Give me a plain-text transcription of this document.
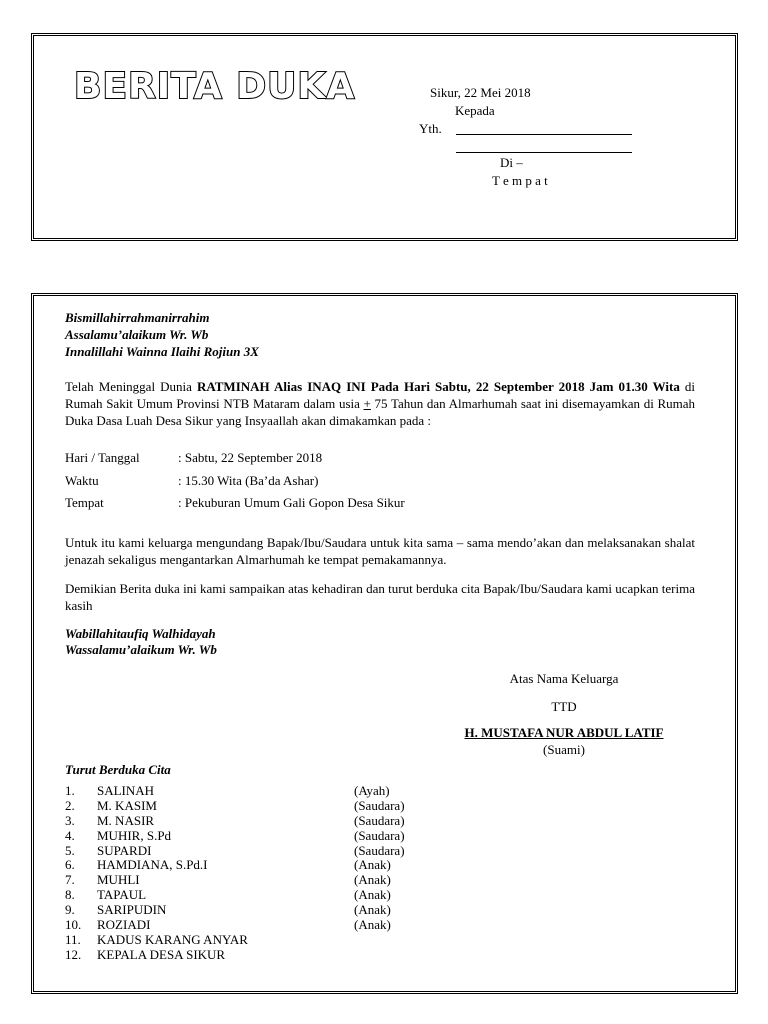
BERITA DUKA	Sikur, 22 Mei 2018
Kepada
Yth.
Di –
T e m p a t
Bismillahirrahmanirrahim
Assalamu’alaikum Wr. Wb
Innalillahi Wainna Ilaihi Rojiun 3X
Telah Meninggal Dunia RATMINAH Alias INAQ INI Pada Hari Sabtu, 22 September 2018 Jam 01.30 Wita di Rumah Sakit Umum Provinsi NTB Mataram dalam usia + 75 Tahun dan Almarhumah saat ini disemayamkan di Rumah Duka Dasa Luah Desa Sikur yang Insyaallah akan dimakamkan pada :
Hari / Tanggal	: Sabtu, 22 September 2018
Waktu	: 15.30 Wita (Ba’da Ashar)
Tempat	: Pekuburan Umum Gali Gopon Desa Sikur
Untuk itu kami keluarga mengundang Bapak/Ibu/Saudara untuk kita sama – sama mendo’akan dan melaksanakan shalat jenazah sekaligus mengantarkan Almarhumah ke tempat pemakamannya.
Demikian Berita duka ini kami sampaikan atas kehadiran dan turut berduka cita Bapak/Ibu/Saudara kami ucapkan terima kasih
Wabillahitaufiq Walhidayah
Wassalamu’alaikum Wr. Wb
Atas Nama Keluarga
TTD
H. MUSTAFA NUR ABDUL LATIF
(Suami)
Turut Berduka Cita
1. SALINAH	(Ayah)
2. M. KASIM	(Saudara)
3. M. NASIR	(Saudara)
4. MUHIR, S.Pd	(Saudara)
5. SUPARDI	(Saudara)
6. HAMDIANA, S.Pd.I	(Anak)
7. MUHLI	(Anak)
8. TAPAUL	(Anak)
9. SARIPUDIN	(Anak)
10. ROZIADI	(Anak)
11. KADUS KARANG ANYAR
12. KEPALA DESA SIKUR
